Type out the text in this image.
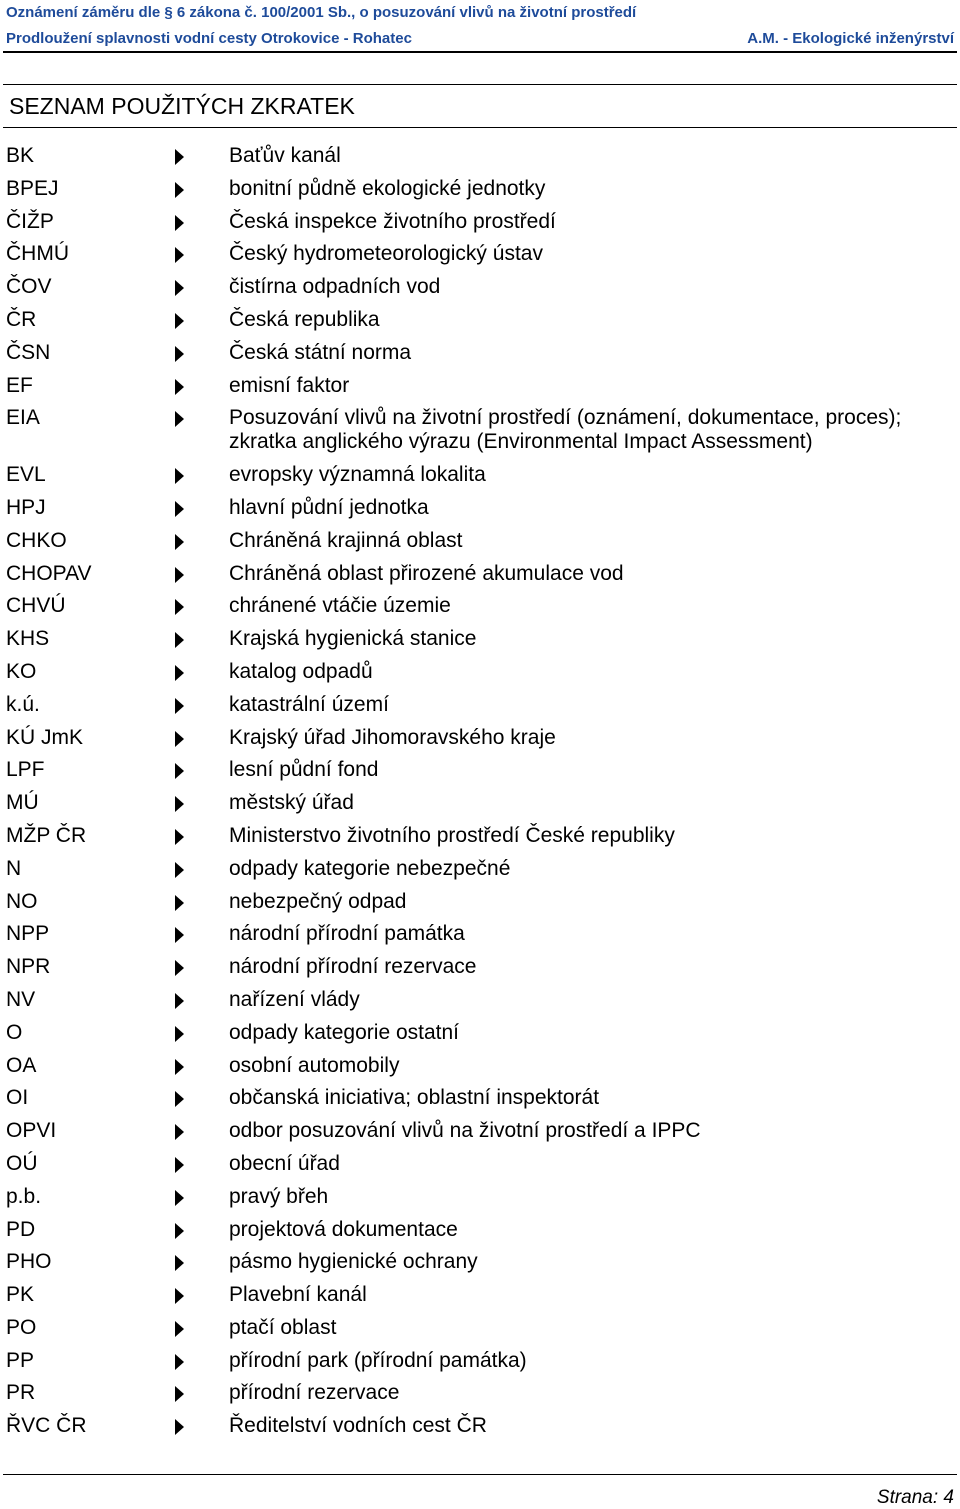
Oznámení záměru dle § 6 zákona č. 100/2001 Sb., o posuzování vlivů na životní prostředí
Prodloužení splavnosti vodní cesty Otrokovice - Rohatec	A.M. - Ekologické inženýrství
SEZNAM POUŽITÝCH ZKRATEK
BK	Baťův kanál
BPEJ	bonitní půdně ekologické jednotky
ČIŽP	Česká inspekce životního prostředí
ČHMÚ	Český hydrometeorologický ústav
ČOV	čistírna odpadních vod
ČR	Česká republika
ČSN	Česká státní norma
EF	emisní faktor
EIA	Posuzování vlivů na životní prostředí (oznámení, dokumentace, proces); zkratka anglického výrazu (Environmental Impact Assessment)
EVL	evropsky významná lokalita
HPJ	hlavní půdní jednotka
CHKO	Chráněná krajinná oblast
CHOPAV	Chráněná oblast přirozené akumulace vod
CHVÚ	chránené vtáčie územie
KHS	Krajská hygienická stanice
KO	katalog odpadů
k.ú.	katastrální území
KÚ JmK	Krajský úřad Jihomoravského kraje
LPF	lesní půdní fond
MÚ	městský úřad
MŽP ČR	Ministerstvo životního prostředí České republiky
N	odpady kategorie nebezpečné
NO	nebezpečný odpad
NPP	národní přírodní památka
NPR	národní přírodní rezervace
NV	nařízení vlády
O	odpady kategorie ostatní
OA	osobní automobily
OI	občanská iniciativa; oblastní inspektorát
OPVI	odbor posuzování vlivů na životní prostředí a IPPC
OÚ	obecní úřad
p.b.	pravý břeh
PD	projektová dokumentace
PHO	pásmo hygienické ochrany
PK	Plavební kanál
PO	ptačí oblast
PP	přírodní park (přírodní památka)
PR	přírodní rezervace
ŘVC ČR	Ředitelství vodních cest ČR
Strana: 4
